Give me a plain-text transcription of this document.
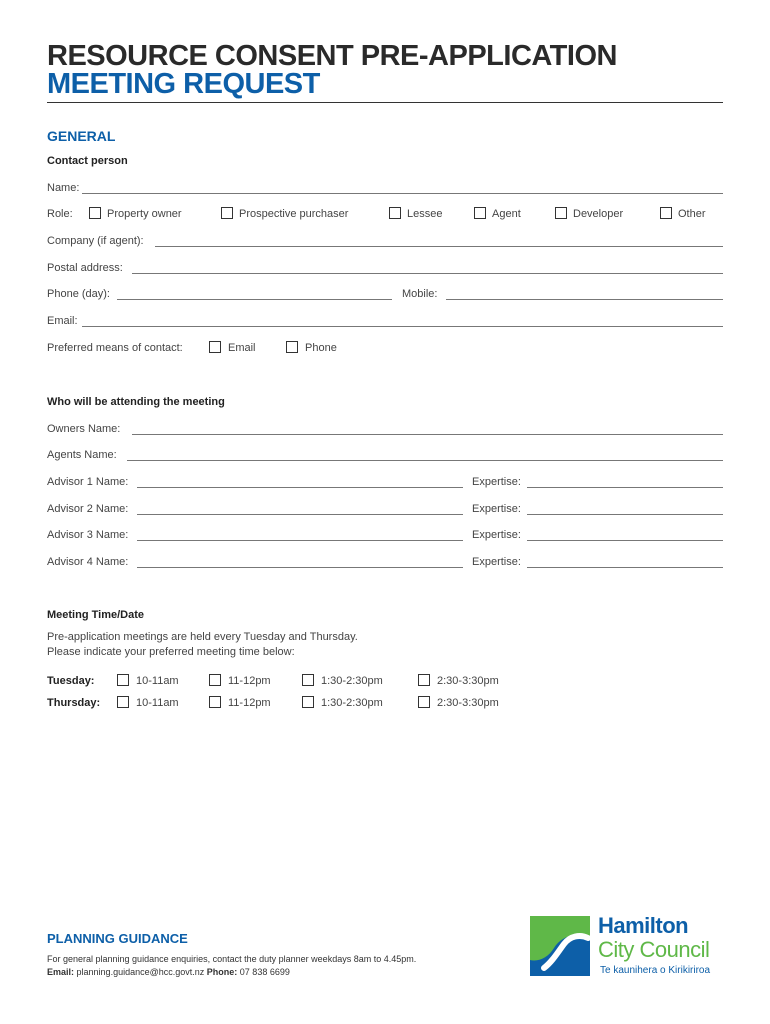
RESOURCE CONSENT PRE-APPLICATION
MEETING REQUEST
GENERAL
Contact person
Name:
Role:	Property owner	Prospective purchaser	Lessee	Agent	Developer	Other
Company (if agent):
Postal address:
Phone (day):	Mobile:
Email:
Preferred means of contact:	Email	Phone
Who will be attending the meeting
Owners Name:
Agents Name:
Advisor 1 Name:	Expertise:
Advisor 2 Name:	Expertise:
Advisor 3 Name:	Expertise:
Advisor 4 Name:	Expertise:
Meeting Time/Date
Pre-application meetings are held every Tuesday and Thursday.
Please indicate your preferred meeting time below:
Tuesday:	10-11am	11-12pm	1:30-2:30pm	2:30-3:30pm
Thursday:	10-11am	11-12pm	1:30-2:30pm	2:30-3:30pm
PLANNING GUIDANCE
For general planning guidance enquiries, contact the duty planner weekdays 8am to 4.45pm.
Email: planning.guidance@hcc.govt.nz Phone: 07 838 6699
Hamilton
City Council
Te kaunihera o Kirikiriroa
